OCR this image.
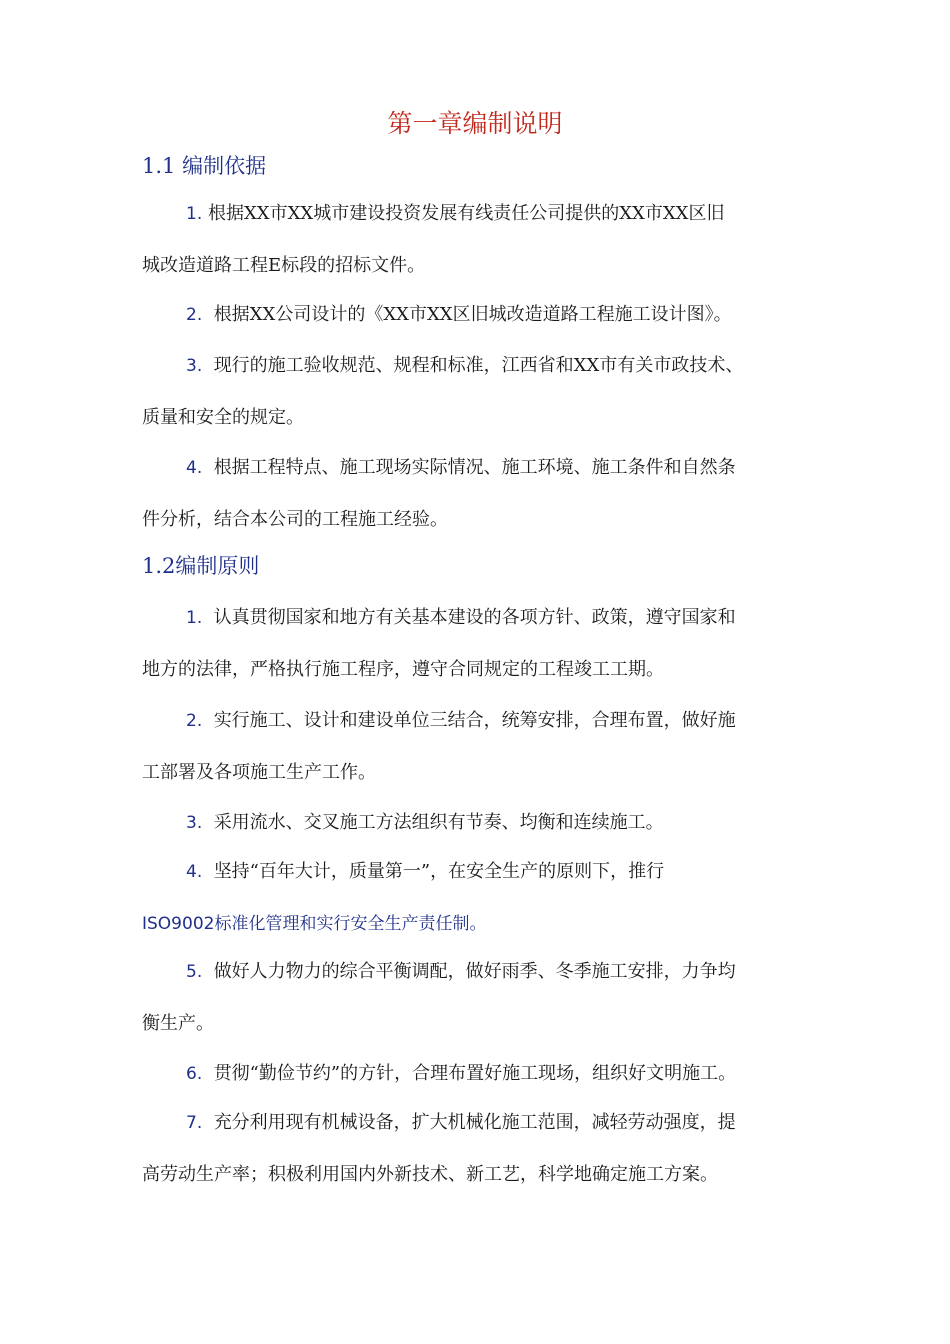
第一章编制说明
1.1 编制依据
1. 根据XX市XX城市建设投资发展有线责任公司提供的XX市XX区旧
城改造道路工程E标段的招标文件。
2. 根据XX公司设计的《XX市XX区旧城改造道路工程施工设计图》。
3. 现行的施工验收规范、规程和标准，江西省和XX市有关市政技术、
质量和安全的规定。
4. 根据工程特点、施工现场实际情况、施工环境、施工条件和自然条
件分析，结合本公司的工程施工经验。
1.2编制原则
1. 认真贯彻国家和地方有关基本建设的各项方针、政策，遵守国家和
地方的法律，严格执行施工程序，遵守合同规定的工程竣工工期。
2. 实行施工、设计和建设单位三结合，统筹安排，合理布置，做好施
工部署及各项施工生产工作。
3. 采用流水、交叉施工方法组织有节奏、均衡和连续施工。
4. 坚持“百年大计，质量第一”，在安全生产的原则下，推行
ISO9002标准化管理和实行安全生产责任制。
5. 做好人力物力的综合平衡调配，做好雨季、冬季施工安排，力争均
衡生产。
6. 贯彻“勤俭节约”的方针，合理布置好施工现场，组织好文明施工。
7. 充分利用现有机械设备，扩大机械化施工范围，减轻劳动强度，提
高劳动生产率；积极利用国内外新技术、新工艺，科学地确定施工方案。
